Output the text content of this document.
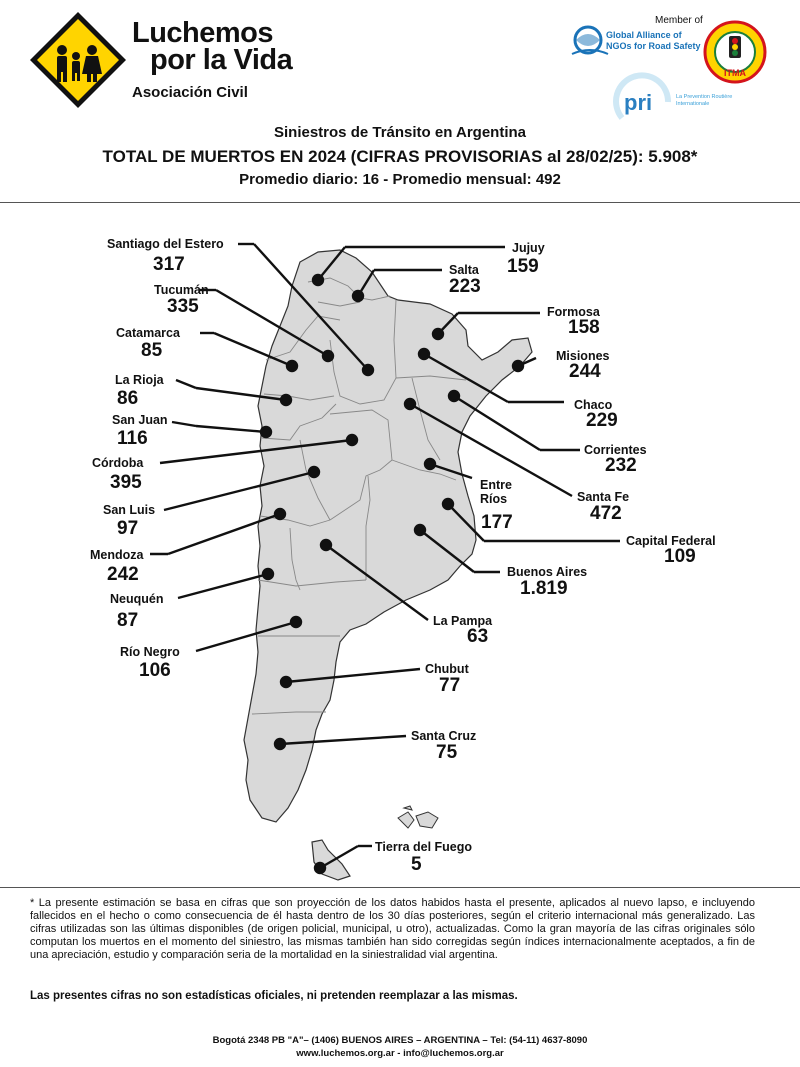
Luchemos
por la Vida
Asociación Civil
Member of
Global Alliance of
NGOs for Road Safety
ITMA
pri	La Prevention Routière
Internationale
Siniestros de Tránsito en Argentina
TOTAL DE MUERTOS EN 2024 (CIFRAS PROVISORIAS al 28/02/25): 5.908*
Promedio diario: 16 - Promedio mensual: 492
Jujuy
159
Salta
223
Formosa
158
Misiones
244
Chaco
229
Corrientes
232
Entre Ríos
177
Santa Fe
472
Capital Federal
109
Buenos Aires
1.819
La Pampa
63
Chubut
77
Santa Cruz
75
Tierra del Fuego
5
Santiago del Estero
317
Tucumán
335
Catamarca
85
La Rioja
86
San Juan
116
Córdoba
395
San Luis
97
Mendoza
242
Neuquén
87
Río Negro
106
* La presente estimación se basa en cifras que son proyección de los datos habidos hasta el presente, aplicados al nuevo lapso, e incluyendo fallecidos en el hecho o como consecuencia de él hasta dentro de los 30 días posteriores, según el criterio internacional más generalizado. Las cifras utilizadas son las últimas disponibles (de origen policial, municipal, u otro), actualizadas. Como la gran mayoría de las cifras originales sólo computan los muertos en el momento del siniestro, las mismas también han sido corregidas según índices internacionalmente aceptados, a fin de una apreciación, estudio y comparación seria de la mortalidad en la siniestralidad vial argentina.
Las presentes cifras no son estadísticas oficiales, ni pretenden reemplazar a las mismas.
Bogotá 2348 PB "A"– (1406) BUENOS AIRES – ARGENTINA – Tel: (54-11) 4637-8090
www.luchemos.org.ar - info@luchemos.org.ar
